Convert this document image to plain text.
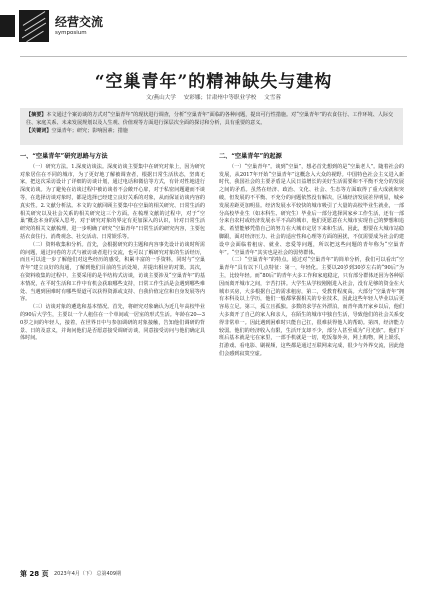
经营交流
symposium
“空巢青年”的精神缺失与建构
文/燕山大学 安彩娜；甘肃州中等职业学校 文雪蓉
【摘要】本文通过个案访谈的方式对“空巢青年”的现状进行调查，分析“空巢青年”面临的各种问题，提出可行性措施。对“空巢青年”的衣食住行、工作环境、人际交往、家庭关系、未来发展规划以及人生观、价值观等方面进行深层次全面的探讨和分析，具有重要的意义。
【关键词】空巢青年；研究；影响因素；措施
一、“空巢青年”研究思路与方法

（一）研究方法。1.深度访谈法。深度访谈主要集中在研究对象上，因为研究对象居住在不同的城市，为了更好地了解被调查者，根据日常生活状态，坚离无家，把这次采访设计了详细的访谈计划，通过电话和微信等方式，有针对性地进行深度访谈。为了避免在访谈过程中被访谈者不会敞开心扉，对于私密问题避而不谈等，在选择访谈对象时，都是选择已经建立良好关系的对象，从而保证访谈内容的真实性。2.文献分析法。本文的文献回顾主要集中在空巢的相关研究、日常生活的相关研究以及社会关系的相关研究这三个方面。在梳理文献的过程中，对于“空巢”概念本身的深入思考，对于研究对象的界定有更加深入的认识，针对日常生活研究的相关文献梳理，进一步明确了研究“空巢青年”日常生活的研究内容，主要包括衣食住行、消费观念、社交活动、日常娱乐等。

（二）资料收集和分析。首先，会根据研究的主题和内容事先设计访谈时所需的问题，通过问卷的方式与被访谈者进行交流，也可以了解研究对象的生活经历，而且可以进一步了解他们对这些经历的感受，积累丰富的一手资料，同时与“空巢青年”建立良好的沟通，了解到他们目前的生活处境，并提出相应的对策。其次，在资料收集的过程中，主要采用的是半结构式访谈，访谈主要涉及“空巢青年”的基本情况，在平时生活和工作中有机会获取哪些支持，日常工作生活是会遇到哪些难处、当遇到困难时有哪些渠道可以获得资源或支持、自我价值定位和自身发展等内容。

（三）访谈对象的遴选和基本情况。首先，将研究对象确认为近几年高校毕业的90后大学生，主要以一个人租住在一个单间或一居室的形式生活。年龄在20—30岁之间的年轻人，接着，在世界日中与参加调研的对象接触，告知他们调研的背景、日的及意义，并询问他们是否愿意接受调研访谈，同意接受访问与他们确定具体时间。

二、“空巢青年”的起源

（一）“空巢青年”。谈到“空巢”，想必首先想到的是“空巢老人”。随着社会的发展，从2017年开始“空巢青年”这概念入大众的视野。中国特色社会主义进入新时代，我国社会的主要矛盾是人民日益增长的美好生活需要和不平衡不充分的发展之间的矛盾。虽然在经济、政治、文化、社会、生态等方面取得了重大成就和突破，但发展的不平衡、不充分的问题依然没有解决，区域经济发展差异明显，城乡发展差距更加明显。经济发展水平较快的城市吸引了大量的高校毕业生就业，一部分高校毕业生（如本科生、研究生）毕业后一部分选择回家乡工作生活，还有一部分来自农村或经济发展水平不高的城市，他们更愿意在大城市实现自己的梦想和追求，希望能够凭借自己的努力在大城市定居下来和生活。因此，想要在大城市站稳脚跟，面对经济压力、社会的适应性和心理等方面的困扰，不仅需要成为社会的建设中会面临着租房、就业、恋爱等问题，所以把这些问题的青年称为“空巢青年”。“空巢青年”其实也是社会的弱势群体。

（二）“空巢青年”的特点。通过对“空巢青年”的简单分析，我们可以看出“空巢青年”具有以下几点特征：第一，年轻化。主要以20岁到30岁左右的“90后”为主，比较年轻。而“80后”的青年大多工作和家庭稳定，只有部分群体还因为各种原因而离开城市之间，辛苦打拼。大学生从学校刚刚进入社会，没有足够的资金在大城市买房，大多根据自己的需求租房，第二，受教育程度高。大部分“空巢青年”拥有本科及以上学历，他们一般都掌握相关的专业技术，因此这些年轻人毕业以后更容易立足。第三，孤立且孤独。多数的求学在外漂泊，而青年离开家乡以后，他们大多离开了自己的家人和亲人，在陌生的城市中独自生活，导致他们的社会关系变得非常单一。因此遇到困难时只能自己扛，很难获得他人的帮助。第四，经济能力较弱。他们的经济收入有限，生活开支却不少，部分人甚至成为“月光族”。他们下班后基本就是宅在家里，一部手机就是一切，吃饭靠外卖，网上购物，网上娱乐，打游戏、看电影、刷视频，这些都是通过互联网来完成，很少与外界交流，因此他们会感到寂寞空虚。

第 28 页 2023年4月（下） 总第409期
